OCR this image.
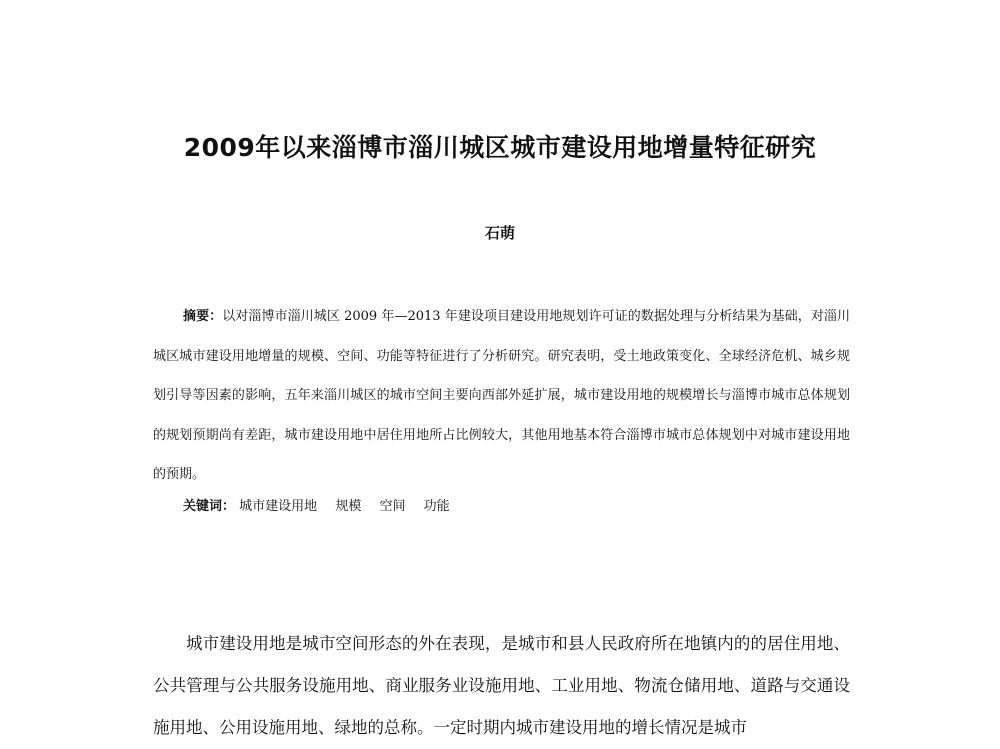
2009年以来淄博市淄川城区城市建设用地增量特征研究
石萌

摘要：以对淄博市淄川城区 2009 年—2013 年建设项目建设用地规划许可证的数据处理与分析结果为基础，对淄川城区城市建设用地增量的规模、空间、功能等特征进行了分析研究。研究表明，受土地政策变化、全球经济危机、城乡规划引导等因素的影响，五年来淄川城区的城市空间主要向西部外延扩展，城市建设用地的规模增长与淄博市城市总体规划的规划预期尚有差距，城市建设用地中居住用地所占比例较大，其他用地基本符合淄博市城市总体规划中对城市建设用地的预期。

关键词： 城市建设用地 规模 空间 功能

城市建设用地是城市空间形态的外在表现，是城市和县人民政府所在地镇内的的居住用地、公共管理与公共服务设施用地、商业服务业设施用地、工业用地、物流仓储用地、道路与交通设施用地、公用设施用地、绿地的总称。一定时期内城市建设用地的增长情况是城市
